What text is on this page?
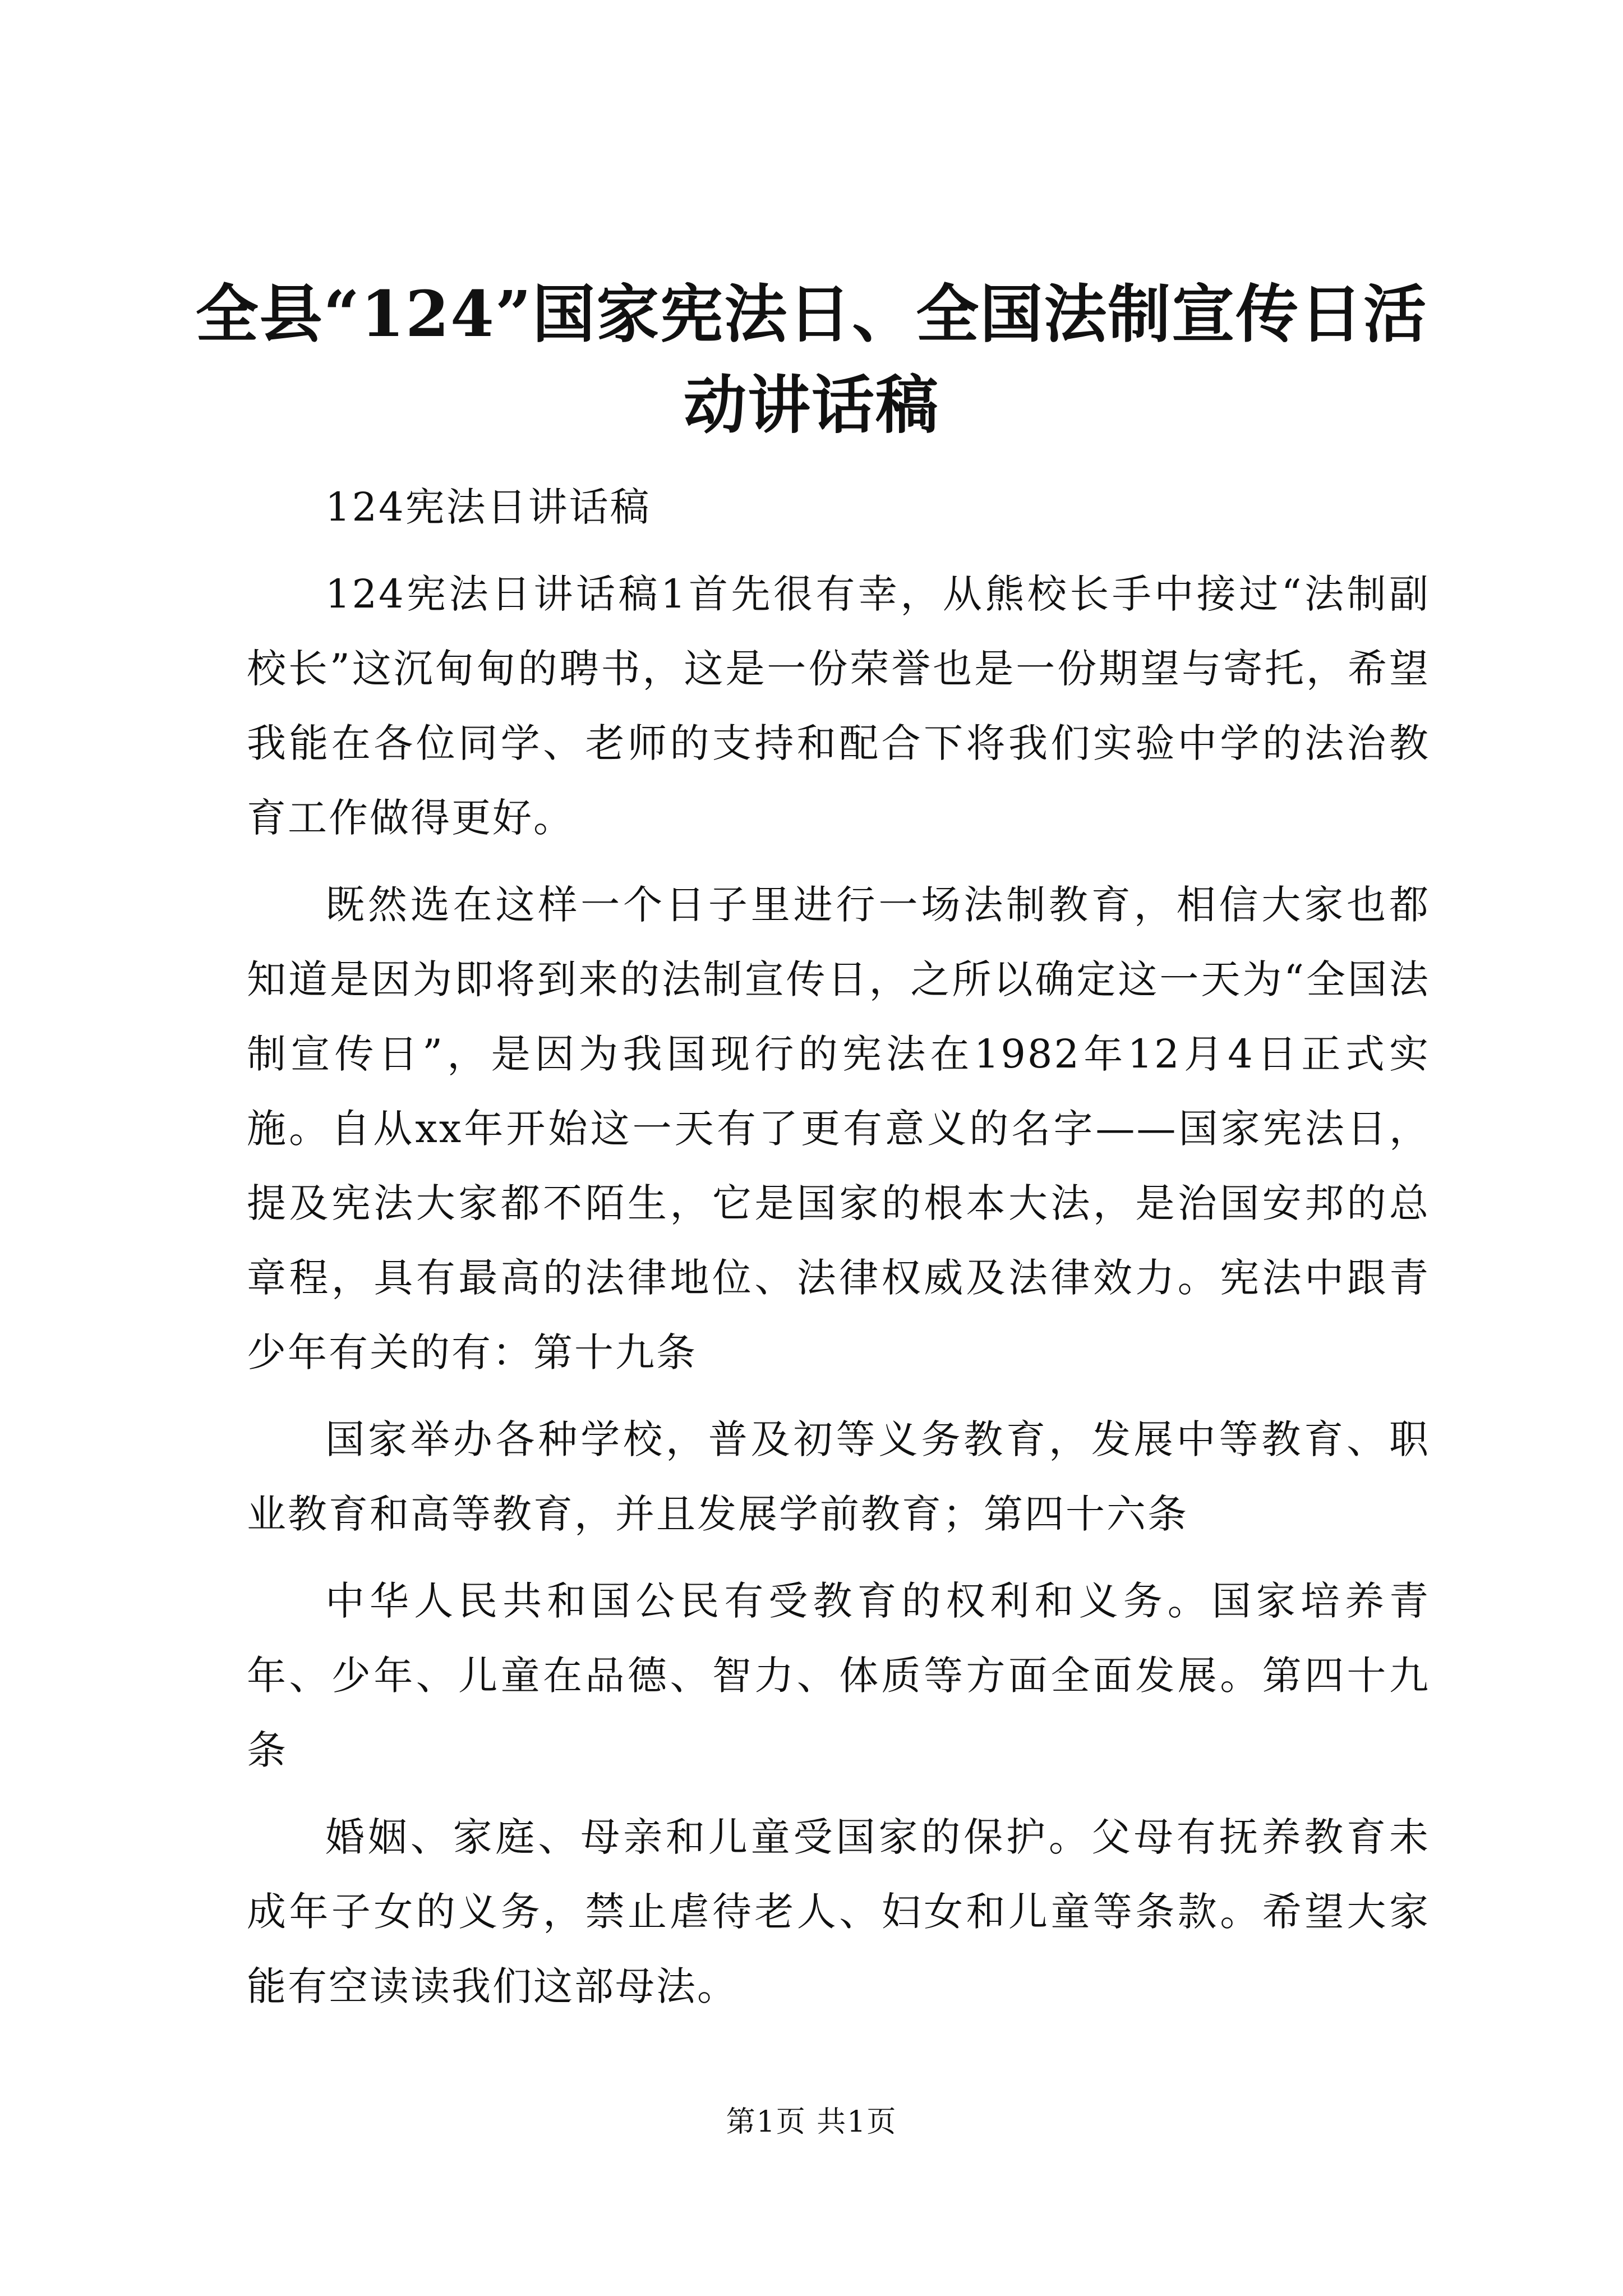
全县“124”国家宪法日、全国法制宣传日活动讲话稿

124宪法日讲话稿

124宪法日讲话稿1首先很有幸，从熊校长手中接过“法制副校长”这沉甸甸的聘书，这是一份荣誉也是一份期望与寄托，希望我能在各位同学、老师的支持和配合下将我们实验中学的法治教育工作做得更好。

既然选在这样一个日子里进行一场法制教育，相信大家也都知道是因为即将到来的法制宣传日，之所以确定这一天为“全国法制宣传日”，是因为我国现行的宪法在1982年12月4日正式实施。自从xx年开始这一天有了更有意义的名字——国家宪法日，提及宪法大家都不陌生，它是国家的根本大法，是治国安邦的总章程，具有最高的法律地位、法律权威及法律效力。宪法中跟青少年有关的有：第十九条

国家举办各种学校，普及初等义务教育，发展中等教育、职业教育和高等教育，并且发展学前教育；第四十六条

中华人民共和国公民有受教育的权利和义务。国家培养青年、少年、儿童在品德、智力、体质等方面全面发展。第四十九条

婚姻、家庭、母亲和儿童受国家的保护。父母有抚养教育未成年子女的义务，禁止虐待老人、妇女和儿童等条款。希望大家能有空读读我们这部母法。

第1页 共1页
